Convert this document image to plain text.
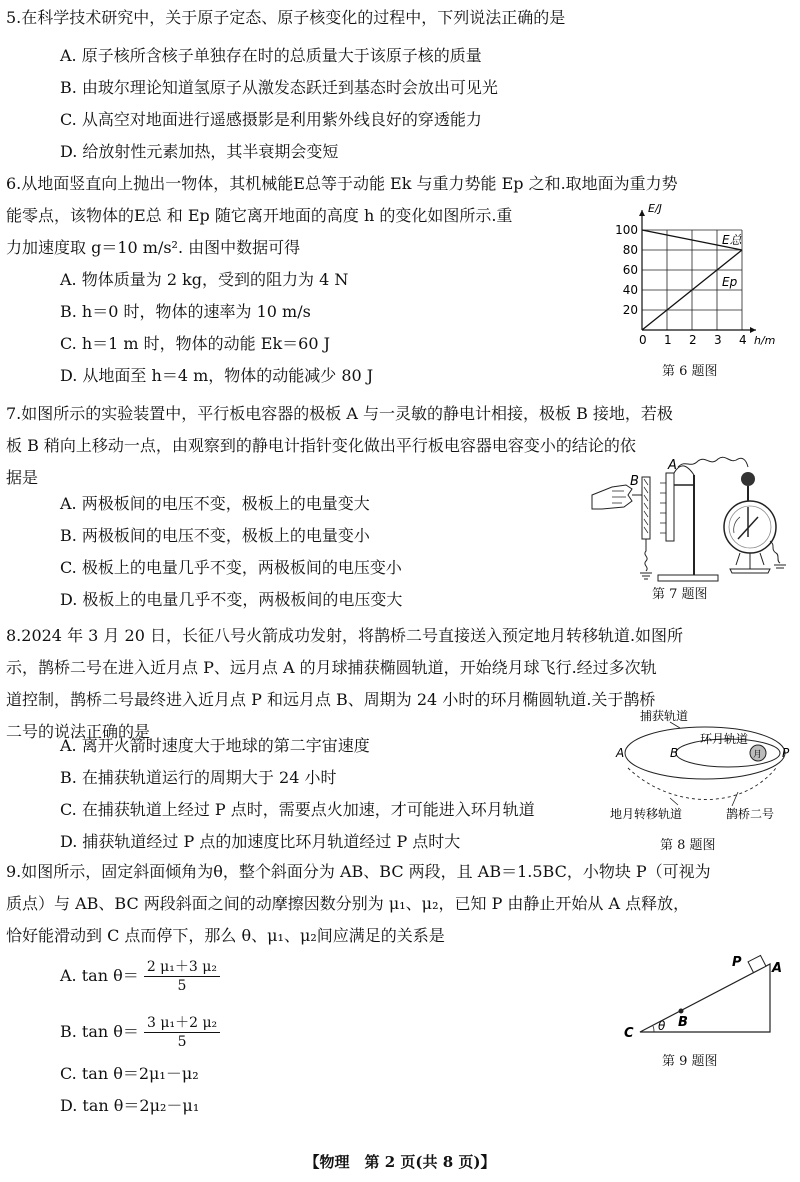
5.在科学技术研究中，关于原子定态、原子核变化的过程中，下列说法正确的是
A. 原子核所含核子单独存在时的总质量大于该原子核的质量
B. 由玻尔理论知道氢原子从激发态跃迁到基态时会放出可见光
C. 从高空对地面进行遥感摄影是利用紫外线良好的穿透能力
D. 给放射性元素加热，其半衰期会变短
6.从地面竖直向上抛出一物体，其机械能E总等于动能 Ek 与重力势能 Ep 之和.取地面为重力势
能零点，该物体的E总 和 Ep 随它离开地面的高度 h 的变化如图所示.重
力加速度取 g＝10 m/s². 由图中数据可得
A. 物体质量为 2 kg，受到的阻力为 4 N
B. h＝0 时，物体的速率为 10 m/s
C. h＝1 m 时，物体的动能 Ek＝60 J
D. 从地面至 h＝4 m，物体的动能减少 80 J
0 1 2 3 4
20
40
60
80
100
h/m
E/J
E总
Ep
第 6 题图
7.如图所示的实验装置中，平行板电容器的极板 A 与一灵敏的静电计相接，极板 B 接地，若极
板 B 稍向上移动一点，由观察到的静电计指针变化做出平行板电容器电容变小的结论的依
据是
A. 两极板间的电压不变，极板上的电量变大
B. 两极板间的电压不变，极板上的电量变小
C. 极板上的电量几乎不变，两极板间的电压变小
D. 极板上的电量几乎不变，两极板间的电压变大
B
A
第 7 题图
8.2024 年 3 月 20 日，长征八号火箭成功发射，将鹊桥二号直接送入预定地月转移轨道.如图所
示，鹊桥二号在进入近月点 P、远月点 A 的月球捕获椭圆轨道，开始绕月球飞行.经过多次轨
道控制，鹊桥二号最终进入近月点 P 和远月点 B、周期为 24 小时的环月椭圆轨道.关于鹊桥
二号的说法正确的是
A. 离开火箭时速度大于地球的第二宇宙速度
B. 在捕获轨道运行的周期大于 24 小时
C. 在捕获轨道上经过 P 点时，需要点火加速，才可能进入环月轨道
D. 捕获轨道经过 P 点的加速度比环月轨道经过 P 点时大
捕获轨道
环月轨道
月
A	B	P
地月转移轨道	鹊桥二号
第 8 题图
9.如图所示，固定斜面倾角为θ，整个斜面分为 AB、BC 两段，且 AB＝1.5BC，小物块 P（可视为
质点）与 AB、BC 两段斜面之间的动摩擦因数分别为 μ₁、μ₂，已知 P 由静止开始从 A 点释放，
恰好能滑动到 C 点而停下，那么 θ、μ₁、μ₂间应满足的关系是
A. $\tan \theta= \frac{\text{2 μ₁＋3 μ₂}}{5}$
B. $\tan \theta= \frac{\text{3 μ₁＋2 μ₂}}{5}$
C. tan θ＝2μ₁－μ₂
D. tan θ＝2μ₂－μ₁
P A
B
C θ
第 9 题图
【物理　第 2 页(共 8 页)】
